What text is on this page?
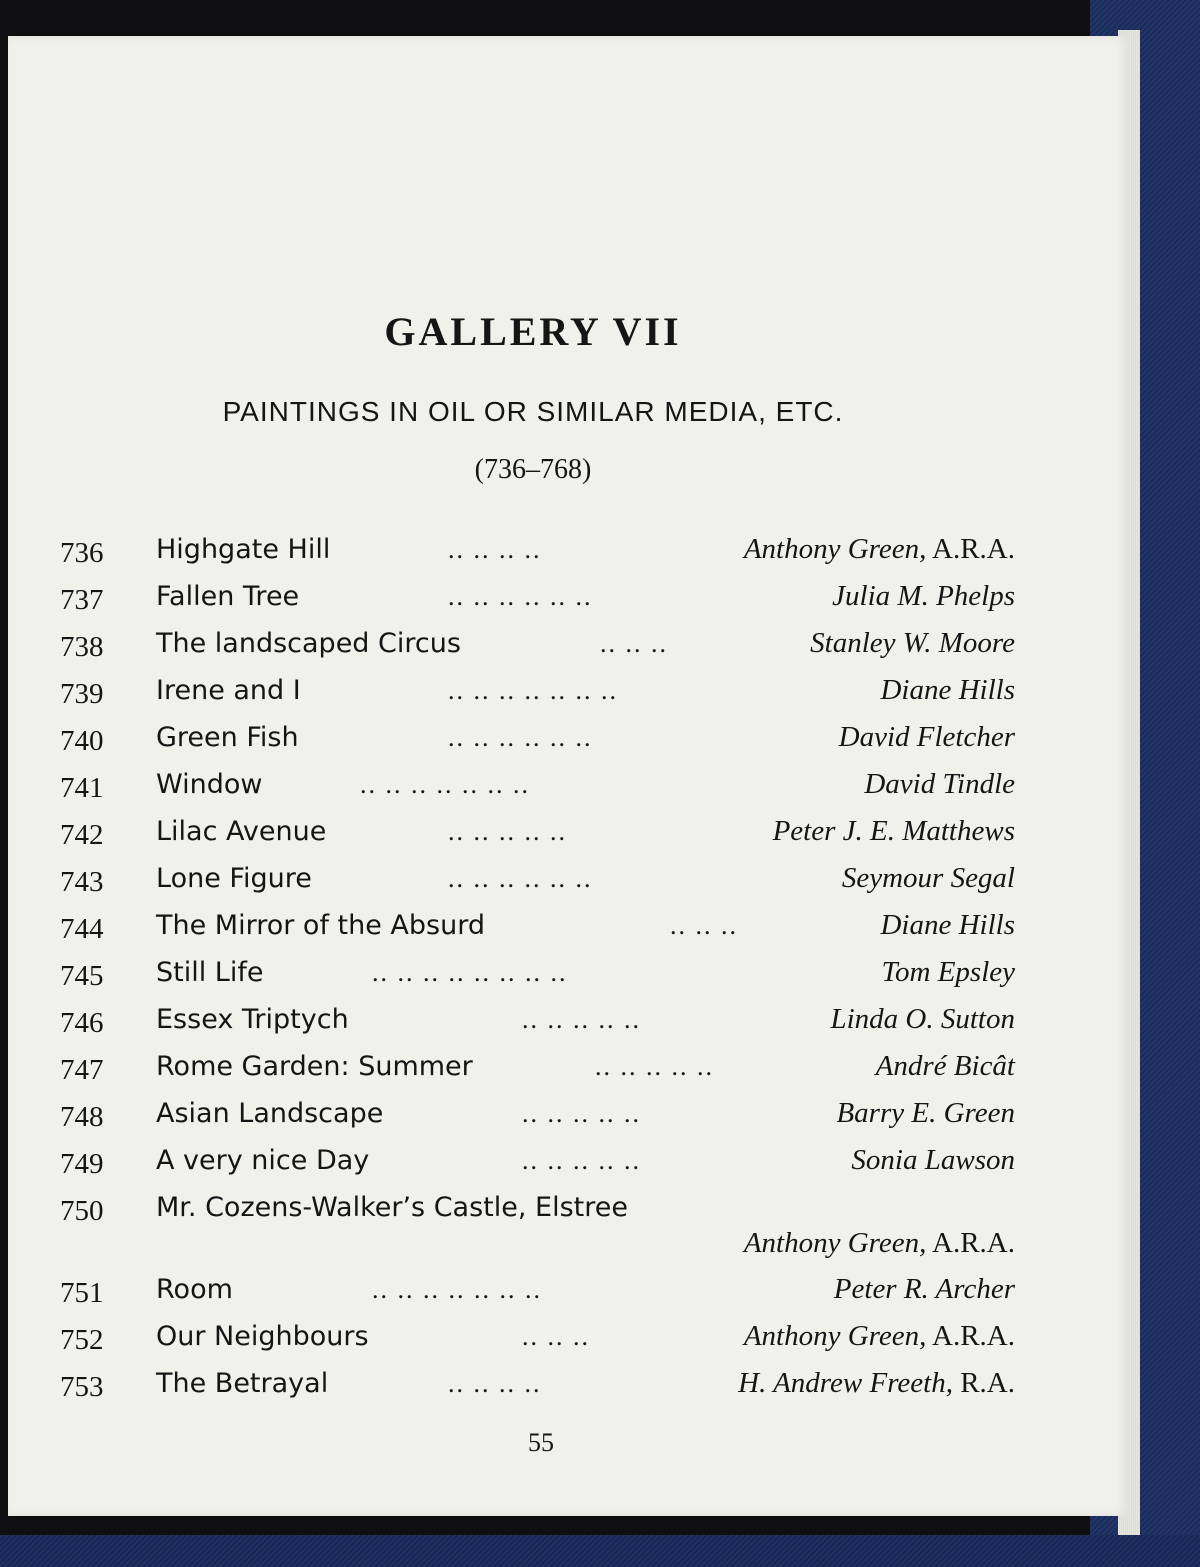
GALLERY VII
PAINTINGS IN OIL OR SIMILAR MEDIA, ETC.
(736–768)
736	Highgate Hill	.. .. .. ..	Anthony Green, A.R.A.
737	Fallen Tree	.. .. .. .. .. ..	Julia M. Phelps
738	The landscaped Circus	.. .. ..	Stanley W. Moore
739	Irene and I	.. .. .. .. .. .. ..	Diane Hills
740	Green Fish	.. .. .. .. .. ..	David Fletcher
741	Window	.. .. .. .. .. .. ..	David Tindle
742	Lilac Avenue	.. .. .. .. ..	Peter J. E. Matthews
743	Lone Figure	.. .. .. .. .. ..	Seymour Segal
744	The Mirror of the Absurd	.. .. ..	Diane Hills
745	Still Life	.. .. .. .. .. .. .. ..	Tom Epsley
746	Essex Triptych	.. .. .. .. ..	Linda O. Sutton
747	Rome Garden: Summer	.. .. .. .. ..	André Bicât
748	Asian Landscape	.. .. .. .. ..	Barry E. Green
749	A very nice Day	.. .. .. .. ..	Sonia Lawson
750	Mr. Cozens-Walker’s Castle, Elstree
Anthony Green, A.R.A.
751	Room	.. .. .. .. .. .. ..	Peter R. Archer
752	Our Neighbours	.. .. ..	Anthony Green, A.R.A.
753	The Betrayal	.. .. .. ..	H. Andrew Freeth, R.A.
55
